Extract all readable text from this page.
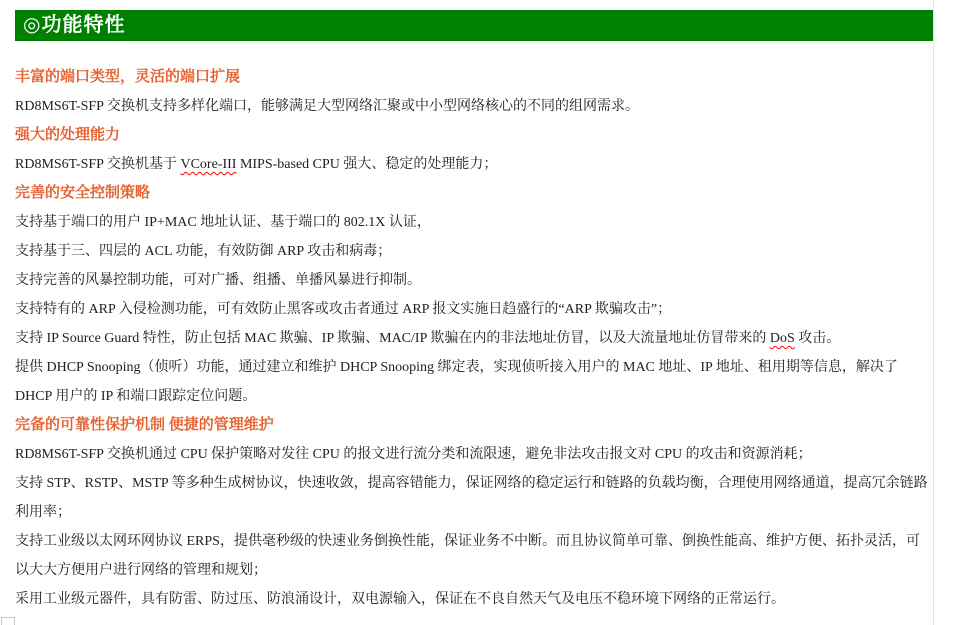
◎功能特性
丰富的端口类型，灵活的端口扩展
RD8MS6T-SFP 交换机支持多样化端口，能够满足大型网络汇聚或中小型网络核心的不同的组网需求。
强大的处理能力
RD8MS6T-SFP 交换机基于 VCore-III MIPS-based CPU 强大、稳定的处理能力；
完善的安全控制策略
支持基于端口的用户 IP+MAC 地址认证、基于端口的 802.1X 认证，
支持基于三、四层的 ACL 功能，有效防御 ARP 攻击和病毒；
支持完善的风暴控制功能，可对广播、组播、单播风暴进行抑制。
支持特有的 ARP 入侵检测功能，可有效防止黑客或攻击者通过 ARP 报文实施日趋盛行的“ARP 欺骗攻击”；
支持 IP Source Guard 特性，防止包括 MAC 欺骗、IP 欺骗、MAC/IP 欺骗在内的非法地址仿冒，以及大流量地址仿冒带来的 DoS 攻击。
提供 DHCP Snooping（侦听）功能，通过建立和维护 DHCP Snooping 绑定表，实现侦听接入用户的 MAC 地址、IP 地址、租用期等信息，解决了 DHCP 用户的 IP 和端口跟踪定位问题。
完备的可靠性保护机制 便捷的管理维护
RD8MS6T-SFP 交换机通过 CPU 保护策略对发往 CPU 的报文进行流分类和流限速，避免非法攻击报文对 CPU 的攻击和资源消耗；
支持 STP、RSTP、MSTP 等多种生成树协议，快速收敛，提高容错能力，保证网络的稳定运行和链路的负载均衡，合理使用网络通道，提高冗余链路利用率；
支持工业级以太网环网协议 ERPS，提供毫秒级的快速业务倒换性能，保证业务不中断。而且协议简单可靠、倒换性能高、维护方便、拓扑灵活，可以大大方便用户进行网络的管理和规划；
采用工业级元器件，具有防雷、防过压、防浪涌设计，双电源输入，保证在不良自然天气及电压不稳环境下网络的正常运行。
